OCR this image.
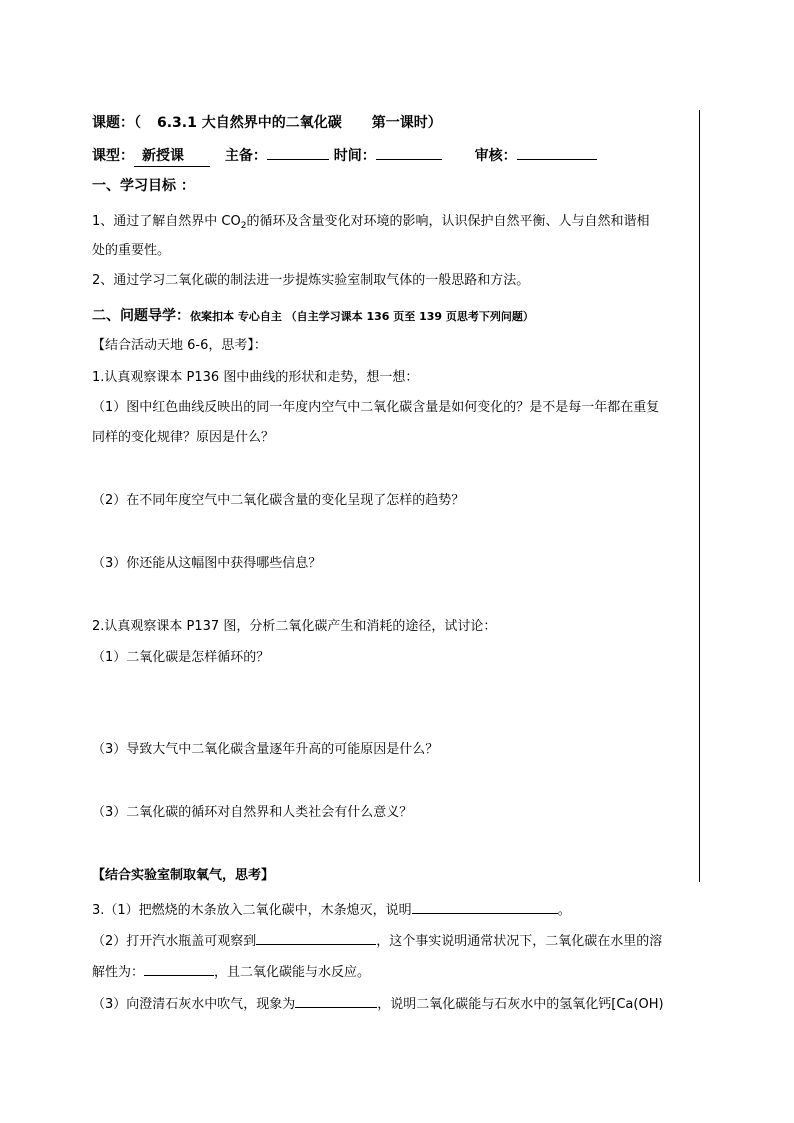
课题：（ 6.3.1 大自然界中的二氧化碳 第一课时）
课型： 新授课	主备：	时间：	审核：
一、学习目标 ：
1、通过了解自然界中 $CO_2$的循环及含量变化对环境的影响，认识保护自然平衡、人与自然和谐相
处的重要性。
2、通过学习二氧化碳的制法进一步提炼实验室制取气体的一般思路和方法。
二、问题导学：依案扣本 专心自主 （自主学习课本 136 页至 139 页思考下列问题）
【结合活动天地 6-6，思考】：
1.认真观察课本 P136 图中曲线的形状和走势，想一想：
（1）图中红色曲线反映出的同一年度内空气中二氧化碳含量是如何变化的？是不是每一年都在重复
同样的变化规律？原因是什么？
（2）在不同年度空气中二氧化碳含量的变化呈现了怎样的趋势？
（3）你还能从这幅图中获得哪些信息？
2.认真观察课本 P137 图，分析二氧化碳产生和消耗的途径，试讨论：
（1）二氧化碳是怎样循环的？
（3）导致大气中二氧化碳含量逐年升高的可能原因是什么？
（3）二氧化碳的循环对自然界和人类社会有什么意义？
【结合实验室制取氧气，思考】
3.（1）把燃烧的木条放入二氧化碳中，木条熄灭，说明	。
（2）打开汽水瓶盖可观察到	，这个事实说明通常状况下，二氧化碳在水里的溶
解性为：	，且二氧化碳能与水反应。
（3）向澄清石灰水中吹气，现象为	，说明二氧化碳能与石灰水中的氢氧化钙[Ca(OH)
